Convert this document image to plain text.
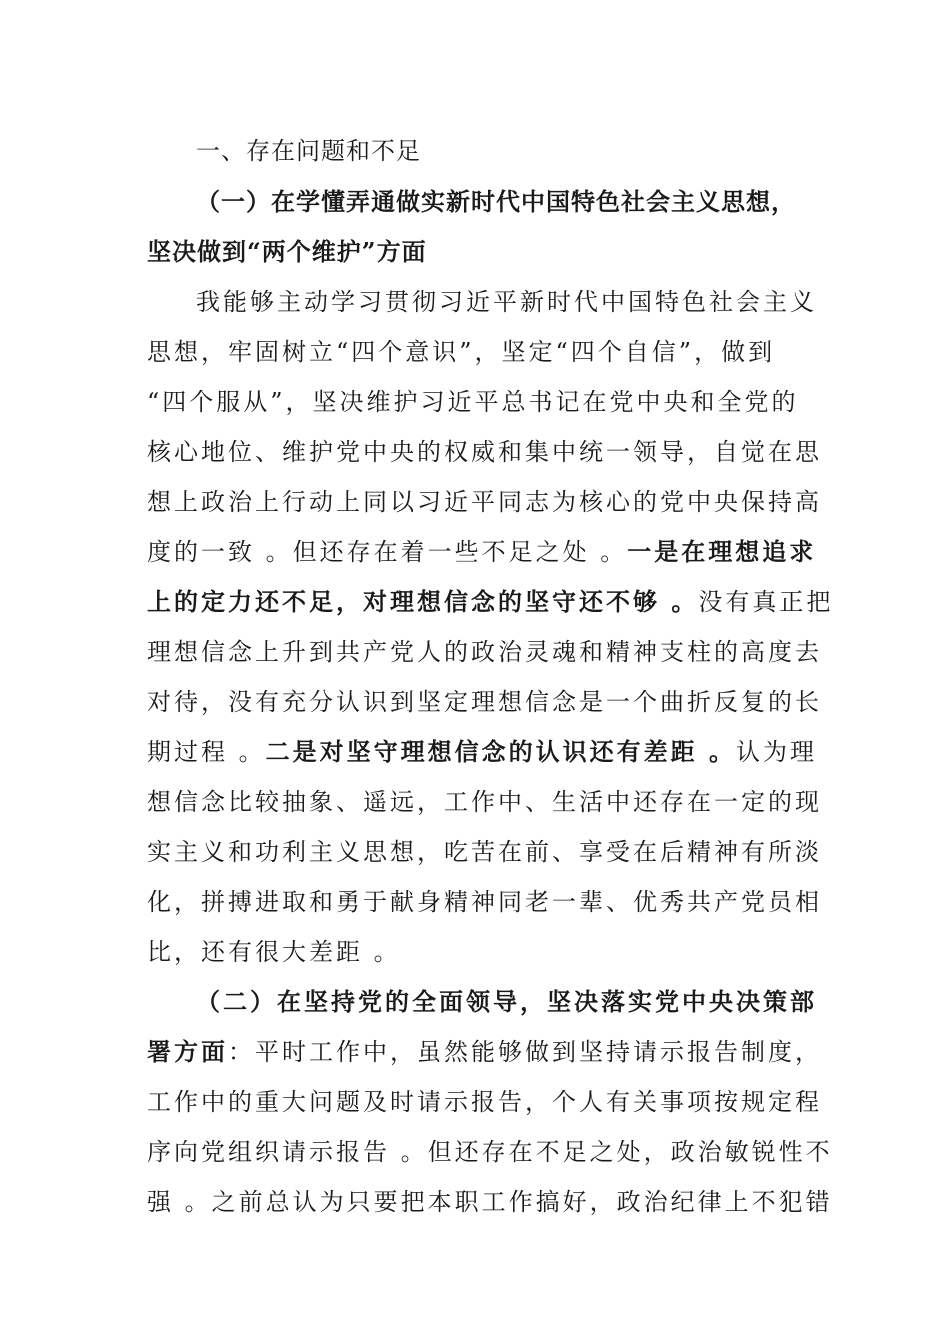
一、存在问题和不足
（一）在学懂弄通做实新时代中国特色社会主义思想，
坚决做到“两个维护”方面
我能够主动学习贯彻习近平新时代中国特色社会主义
思想，牢固树立“四个意识”，坚定“四个自信”，做到
“四个服从”，坚决维护习近平总书记在党中央和全党的
核心地位、维护党中央的权威和集中统一领导，自觉在思
想上政治上行动上同以习近平同志为核心的党中央保持高
度的一致 。但还存在着一些不足之处 。一是在理想追求
上的定力还不足，对理想信念的坚守还不够 。没有真正把
理想信念上升到共产党人的政治灵魂和精神支柱的高度去
对待，没有充分认识到坚定理想信念是一个曲折反复的长
期过程 。二是对坚守理想信念的认识还有差距 。认为理
想信念比较抽象、遥远，工作中、生活中还存在一定的现
实主义和功利主义思想，吃苦在前、享受在后精神有所淡
化，拼搏进取和勇于献身精神同老一辈、优秀共产党员相
比，还有很大差距 。
（二）在坚持党的全面领导，坚决落实党中央决策部
署方面：平时工作中，虽然能够做到坚持请示报告制度，
工作中的重大问题及时请示报告，个人有关事项按规定程
序向党组织请示报告 。但还存在不足之处，政治敏锐性不
强 。之前总认为只要把本职工作搞好，政治纪律上不犯错
